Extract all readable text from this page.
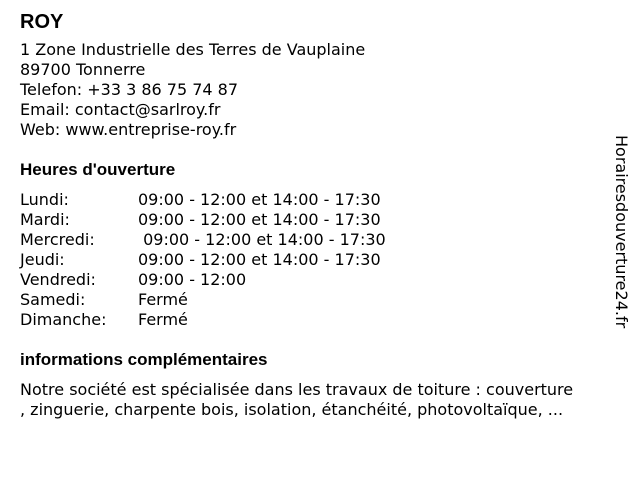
ROY
1 Zone Industrielle des Terres de Vauplaine
89700 Tonnerre
Telefon: +33 3 86 75 74 87
Email: contact@sarlroy.fr
Web: www.entreprise-roy.fr
Heures d'ouverture
Lundi:	09:00 - 12:00 et 14:00 - 17:30
Mardi:	09:00 - 12:00 et 14:00 - 17:30
Mercredi:	09:00 - 12:00 et 14:00 - 17:30
Jeudi:	09:00 - 12:00 et 14:00 - 17:30
Vendredi:	09:00 - 12:00
Samedi:	Fermé
Dimanche:	Fermé
informations complémentaires
Notre société est spécialisée dans les travaux de toiture : couverture
, zinguerie, charpente bois, isolation, étanchéité, photovoltaïque, ...
Horairesdouverture24.fr
